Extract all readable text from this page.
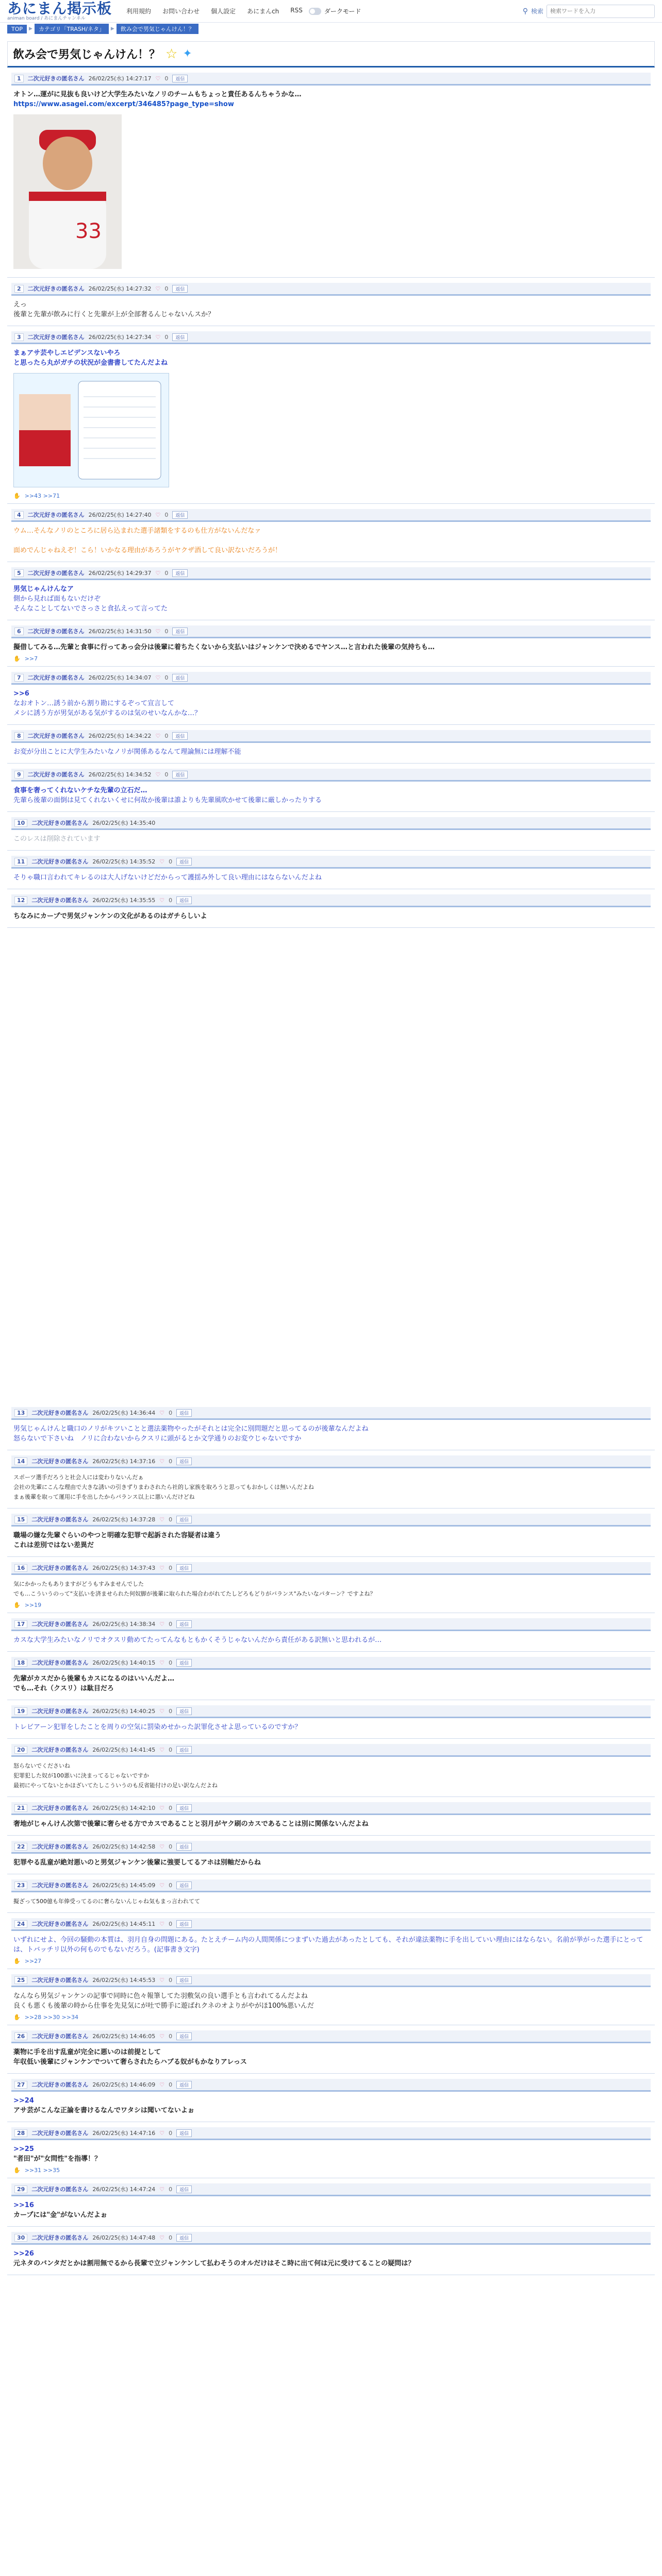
あにまん掲示板
animan board / あにまんチャンネル
利用規約 お問い合わせ 個人設定 あにまんch RSS	ダークモード	⚲ 検索
検索ワードを入力
TOP	▶	カテゴリ「TRASH/ネタ」	▶	飲み会で男気じゃんけん！？
飲み会で男気じゃんけん！？ ☆ ✦
1	二次元好きの匿名さん 26/02/25(水) 14:27:17 ♡ 0	返信
オトン…運がに見抜も良いけど大学生みたいなノリのチームもちょっと責任あるんちゃうかな…
https://www.asagei.com/excerpt/346485?page_type=show
33
2	二次元好きの匿名さん 26/02/25(水) 14:27:32 ♡ 0	返信
えっ
後輩と先輩が飲みに行くと先輩が上が全部奢るんじゃないんスか？
3	二次元好きの匿名さん 26/02/25(水) 14:27:34 ♡ 0	返信
まぁアサ芸やしエビデンスないやろ
と思ったら丸がガチの状況が金書書してたんだよね
✋ >>43 >>71
4	二次元好きの匿名さん 26/02/25(水) 14:27:40 ♡ 0	返信
ウム…そんなノリのところに居ら込まれた選手諸類をするのも仕方がないんだなァ
面めでんじゃねえぞ！こら！いかなる理由があろうがヤクザ酒して良い訳ないだろうが！
5	二次元好きの匿名さん 26/02/25(水) 14:29:37 ♡ 0	返信
男気じゃんけんなア
側から見れば面もないだけぞ
そんなことしてないでさっさと食払えって言ってた
6	二次元好きの匿名さん 26/02/25(水) 14:31:50 ♡ 0	返信
擬借してみる…先輩と食事に行ってあっ会分は後輩に着ちたくないから支払いはジャンケンで決めるでヤンス…と言われた後輩の気持ちも…
✋ >>7
7	二次元好きの匿名さん 26/02/25(水) 14:34:07 ♡ 0	返信
>>6
なおオトン…誘う前から割り勘にするぞって宣言して
メシに誘う方が男気がある気がするのは気のせいなんかな…？
8	二次元好きの匿名さん 26/02/25(水) 14:34:22 ♡ 0	返信
お変が分出ことに大学生みたいなノリが関係あるなんて理論無には理解不能
9	二次元好きの匿名さん 26/02/25(水) 14:34:52 ♡ 0	返信
食事を奢ってくれないケチな先輩の立石だ…
先輩ら後輩の面倒は見てくれないくせに何故か後輩は誰よりも先輩風吹かせて後輩に厳しかったりする
10	二次元好きの匿名さん 26/02/25(水) 14:35:40
このレスは削除されています
11	二次元好きの匿名さん 26/02/25(水) 14:35:52 ♡ 0	返信
そりゃ職口言われてキレるのは大人げないけどだからって護揺み外して良い理由にはならないんだよね
12	二次元好きの匿名さん 26/02/25(水) 14:35:55 ♡ 0	返信
ちなみにカープで男気ジャンケンの文化があるのはガチらしいよ
13	二次元好きの匿名さん 26/02/25(水) 14:36:44 ♡ 0	返信
男気じゃんけんと職口のノリがキツいことと選法薬物やったがそれとは完全に別問題だと思ってるのが後輩なんだよね
怒らないで下さいね　ノリに合わないからクスリに頭がるとか文学通りのお変ウじゃないですか
14	二次元好きの匿名さん 26/02/25(水) 14:37:16 ♡ 0	返信
スポーツ選手だろうと社会人には変わりないんだぁ
会社の先輩にこんな理由で大きな誘いの引きずりまわされたら社的し家族を取ろうと思ってもおかしくは無いんだよね
まぁ後輩を取って運用に手を出したからバランス以上に悪いんだけどね
15	二次元好きの匿名さん 26/02/25(水) 14:37:28 ♡ 0	返信
職場の嫌な先輩ぐらいのやつと明確な犯罪で起訴された容疑者は違う
これは差別ではない差異だ
16	二次元好きの匿名さん 26/02/25(水) 14:37:43 ♡ 0	返信
気にかかったもありますがどうもすみませんでした
でも…こういうのって"支払いを済ませられた何奴脚が後輩に取られた場合わがれてたしどろもどりがバランス"みたいなパターン？ですよね？
✋ >>19
17	二次元好きの匿名さん 26/02/25(水) 14:38:34 ♡ 0	返信
カスな大学生みたいなノリでオクスリ動めてたってんなもともかくそうじゃないんだから責任がある訳無いと思われるが…
18	二次元好きの匿名さん 26/02/25(水) 14:40:15 ♡ 0	返信
先輩がカスだから後輩もカスになるのはいいんだよ…
でも…それ（クスリ）は駄目だろ
19	二次元好きの匿名さん 26/02/25(水) 14:40:25 ♡ 0	返信
トレビアーン犯罪をしたことを周りの空気に罰染めせかった訳罪化させよ思っているのですか？
20	二次元好きの匿名さん 26/02/25(水) 14:41:45 ♡ 0	返信
怒らないでくださいね
犯罪犯した奴が100悪いに決まってるじゃないですか
最初にやってないとかほざいてたしこういうのも反省能付けの足い訳なんだよね
21	二次元好きの匿名さん 26/02/25(水) 14:42:10 ♡ 0	返信
奢地がじゃんけん次第で後輩に奢らせる方でカスであることと羽月がヤク刷のカスであることは別に関係ないんだよね
22	二次元好きの匿名さん 26/02/25(水) 14:42:58 ♡ 0	返信
犯罪やる乱童が絶対悪いのと男気ジャンケン後輩に強要してるアホは別軸だからね
23	二次元好きの匿名さん 26/02/25(水) 14:45:09 ♡ 0	返信
擬ざって500億も年俸受ってるのに奢らないんじゃね気もまっ言われてて
24	二次元好きの匿名さん 26/02/25(水) 14:45:11 ♡ 0	返信
いずれにせよ、今回の騒動の本質は、羽月自身の問題にある。たとえチーム内の人間関係につまずいた過去があったとしても、それが違法薬物に手を出していい理由にはならない。名前が挙がった選手にとっては、トバッチリ以外の何ものでもないだろう。(記事書き文字)
✋ >>27
25	二次元好きの匿名さん 26/02/25(水) 14:45:53 ♡ 0	返信
なんなら男気ジャンケンの記事で同時に色々報筆してた羽敷気の良い選手とも言われてるんだよね
良くも悪くも後輩の時から仕事を先見気にが吐で勝手に遊ばれクネのオよりがやがほ100%悪いんだ
✋ >>28 >>30 >>34
26	二次元好きの匿名さん 26/02/25(水) 14:46:05 ♡ 0	返信
薬物に手を出す乱童が完全に悪いのは前提として
年収低い後輩にジャンケンでついて奢らされたらハブる奴がもかなりアレっス
27	二次元好きの匿名さん 26/02/25(水) 14:46:09 ♡ 0	返信
>>24
アサ芸がこんな正論を書けるなんでワタシは聞いてないよぉ
28	二次元好きの匿名さん 26/02/25(水) 14:47:16 ♡ 0	返信
>>25
"者田"が"女問性"を指導！？
✋ >>31 >>35
29	二次元好きの匿名さん 26/02/25(水) 14:47:24 ♡ 0	返信
>>16
カープには"金"がないんだよぉ
30	二次元好きの匿名さん 26/02/25(水) 14:47:48 ♡ 0	返信
>>26
元ネタのバンタだとかは割用無でるから長輩で立ジャンケンして払わそうのオルだけはそこ時に出て何は元に受けてることの疑問は？
